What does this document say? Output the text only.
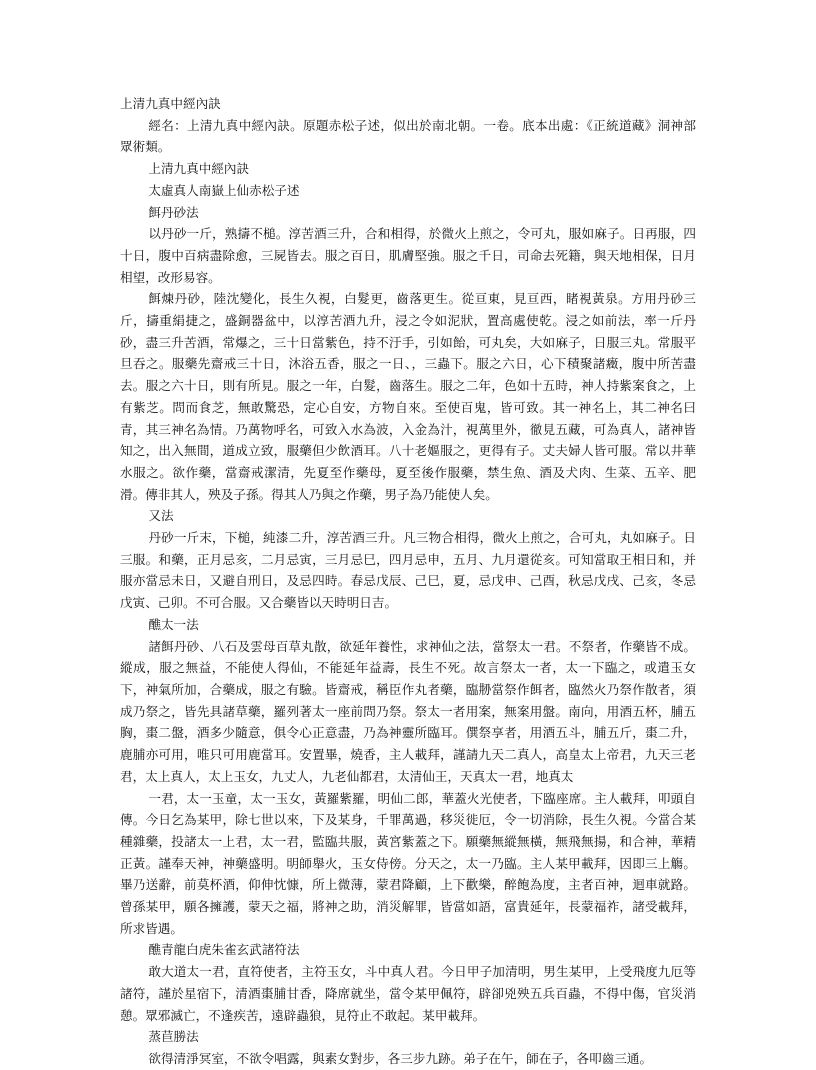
上清九真中經內訣

經名：上清九真中經內訣。原題赤松子述，似出於南北朝。一卷。底本出處：《正統道藏》洞神部眾術類。

上清九真中經內訣

太虛真人南嶽上仙赤松子述

餌丹砂法

以丹砂一斤，熟擣不槌。淳苦酒三升，合和相得，於微火上煎之，令可丸，服如麻子。日再服，四十日，腹中百病盡除愈，三屍皆去。服之百日，肌膚堅強。服之千日，司命去死籍，與天地相保，日月相望，改形易容。

餌煉丹砂，陸沈變化，長生久視，白髮更，齒落更生。從亘東，見亘西，睹視黃泉。方用丹砂三斤，擣重絹捷之，盛銅器盆中，以淳苦酒九升，浸之令如泥狀，置高處使乾。浸之如前法，率一斤丹砂，盡三升苦酒，常爆之，三十日當紫色，持不汙手，引如飴，可丸矣，大如麻子，日服三丸。常服平旦吞之。服藥先齋戒三十日，沐浴五香，服之一日、，三蟲下。服之六日，心下積聚諸癥，腹中所苦盡去。服之六十日，則有所見。服之一年，白髮，齒落生。服之二年，色如十五時，神人持紫案食之，上有紫芝。問而食芝，無敢驚恐，定心自安，方物自來。至使百鬼，皆可致。其一神名上，其二神名曰青，其三神名為情。乃萬物呼名，可致入水為波，入金為汁，視萬里外，徹見五藏，可為真人，諸神皆知之，出入無間，道成立致，服藥但少飲酒耳。八十老嫗服之，更得有子。丈夫婦人皆可服。常以井華水服之。欲作藥，當齋戒潔清，先夏至作藥母，夏至後作服藥，禁生魚、酒及犬肉、生菜、五辛、肥滑。傳非其人，殃及子孫。得其人乃與之作藥，男子為乃能使人矣。

又法

丹砂一斤末，下槌，純漆二升，淳苦酒三升。凡三物合相得，微火上煎之，合可丸，丸如麻子。日三服。和藥，正月忌亥，二月忌寅，三月忌巳，四月忌申，五月、九月還從亥。可知當取王相日和，并服亦當忌未日，又避自刑日，及忌四時。春忌戊辰、己巳，夏，忌戊申、己酉，秋忌戊戌、己亥，冬忌戊寅、己卯。不可合服。又合藥皆以天時明日吉。

醮太一法

諸餌丹砂、八石及雲母百草丸散，欲延年養性，求神仙之法，當祭太一君。不祭者，作藥皆不成。縱成，服之無益，不能使人得仙，不能延年益壽，長生不死。故言祭太一者，太一下臨之，或遣玉女下，神氣所加，合藥成，服之有驗。皆齋戒，稱臣作丸者藥，臨刱當祭作餌者，臨然火乃祭作散者，須成乃祭之，皆先具諸草藥，羅列著太一座前問乃祭。祭太一者用案，無案用盤。南向，用酒五杯，脯五胸，棗二盤，酒多少隨意，俱令心正意盡，乃為神靈所臨耳。僎祭享者，用酒五斗，脯五斤，棗二升，鹿脯亦可用，唯只可用鹿當耳。安置畢，燒香，主人載拜，謹請九天二真人，高皇太上帝君，九天三老君，太上真人，太上玉女，九丈人，九老仙都君，太清仙王，天真太一君，地真太

一君，太一玉童，太一玉女，黃羅紫羅，明仙二郎，華蓋火光使者，下臨座席。主人載拜，叩頭自傳。今日乞為某甲，除七世以來，下及某身，千罪萬過，移災徙厄，令一切消除，長生久視。今當合某種雜藥，投諸太一上君，太一君，監臨共服，黃宮紫蓋之下。願藥無縱無橫，無飛無揚，和合神，華精正黃。謹奉天神，神藥盛明。明師舉火，玉女侍傍。分天之，太一乃臨。主人某甲載拜，因即三上觴。畢乃送辭，前莫杯酒，仰伸忱慷，所上微薄，蒙君降顧，上下歡樂，醉飽為度，主者百神，迴車就路。曾孫某甲，願各擁護，蒙天之福，將神之助，消災解罪，皆當如語，富貴延年，長蒙福祚，諸受載拜，所求皆遇。

醮青龍白虎朱雀玄武諸符法

敢大道太一君，直符使者，主符玉女，斗中真人君。今日甲子加清明，男生某甲，上受飛度九厄等諸符，謹於星宿下，清酒棗脯甘香，降席就坐，當令某甲佩符，辟卻兇殃五兵百蟲，不得中傷，官災消憩。眾邪滅亡，不逢疾苦，遠辟蟲狼，見符止不敢起。某甲載拜。

蒸苣勝法

欲得清淨冥室，不欲令唱露，與素女對步，各三步九跡。弟子在午，師在子，各叩齒三通。
